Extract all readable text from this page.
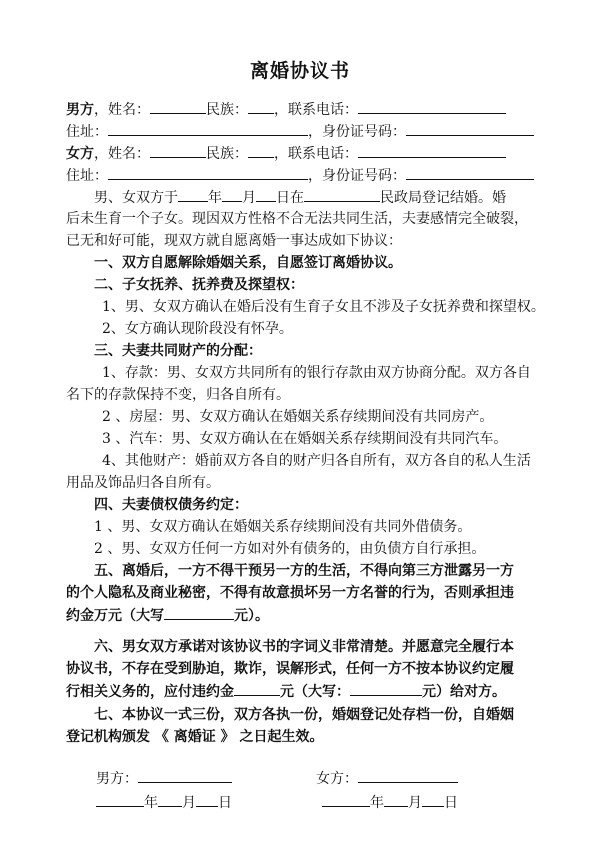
离婚协议书
男方，姓名：	民族： ，联系电话：
住址：	，身份证号码：
女方，姓名：	民族： ，联系电话：
住址：	，身份证号码：
男、女双方于 年 月 日在	民政局登记结婚。婚
后未生育一个子女。现因双方性格不合无法共同生活，夫妻感情完全破裂，
已无和好可能，现双方就自愿离婚一事达成如下协议：
一、双方自愿解除婚姻关系，自愿签订离婚协议。
二、子女抚养、抚养费及探望权：
1、男、女双方确认在婚后没有生育子女且不涉及子女抚养费和探望权。
2、女方确认现阶段没有怀孕。
三、夫妻共同财产的分配：
1、存款：男、女双方共同所有的银行存款由双方协商分配。双方各自
名下的存款保持不变，归各自所有。
2 、房屋：男、女双方确认在婚姻关系存续期间没有共同房产。
3 、汽车：男、女双方确认在在婚姻关系存续期间没有共同汽车。
4、其他财产：婚前双方各自的财产归各自所有，双方各自的私人生活
用品及饰品归各自所有。
四、夫妻债权债务约定：
1 、男、女双方确认在婚姻关系存续期间没有共同外借债务。
2 、男、女双方任何一方如对外有债务的，由负债方自行承担。
五、离婚后，一方不得干预另一方的生活，不得向第三方泄露另一方
的个人隐私及商业秘密，不得有故意损坏另一方名誉的行为，否则承担违
约金万元（大写	元）。
六、男女双方承诺对该协议书的字词义非常清楚。并愿意完全履行本
协议书，不存在受到胁迫，欺诈，误解形式，任何一方不按本协议约定履
行相关义务的，应付违约金	元（大写：	元）给对方。
七、本协议一式三份，双方各执一份，婚姻登记处存档一份，自婚姻
登记机构颁发 《 离婚证 》 之日起生效。
男方：	女方：
年 月 日	年 月 日
